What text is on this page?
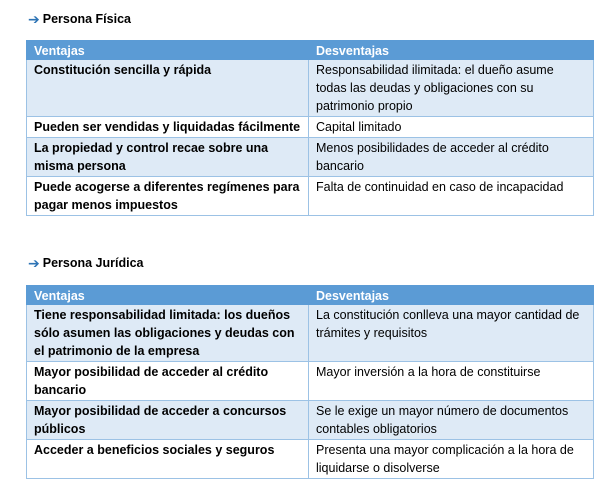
➔ Persona Física
Ventajas	Desventajas
Constitución sencilla y rápida	Responsabilidad ilimitada: el dueño asume todas las deudas y obligaciones con su patrimonio propio
Pueden ser vendidas y liquidadas fácilmente	Capital limitado
La propiedad y control recae sobre una misma persona	Menos posibilidades de acceder al crédito bancario
Puede acogerse a diferentes regímenes para pagar menos impuestos	Falta de continuidad en caso de incapacidad
➔ Persona Jurídica
Ventajas	Desventajas
Tiene responsabilidad limitada: los dueños sólo asumen las obligaciones y deudas con el patrimonio de la empresa	La constitución conlleva una mayor cantidad de trámites y requisitos
Mayor posibilidad de acceder al crédito bancario	Mayor inversión a la hora de constituirse
Mayor posibilidad de acceder a concursos públicos	Se le exige un mayor número de documentos contables obligatorios
Acceder a beneficios sociales y seguros	Presenta una mayor complicación a la hora de liquidarse o disolverse
